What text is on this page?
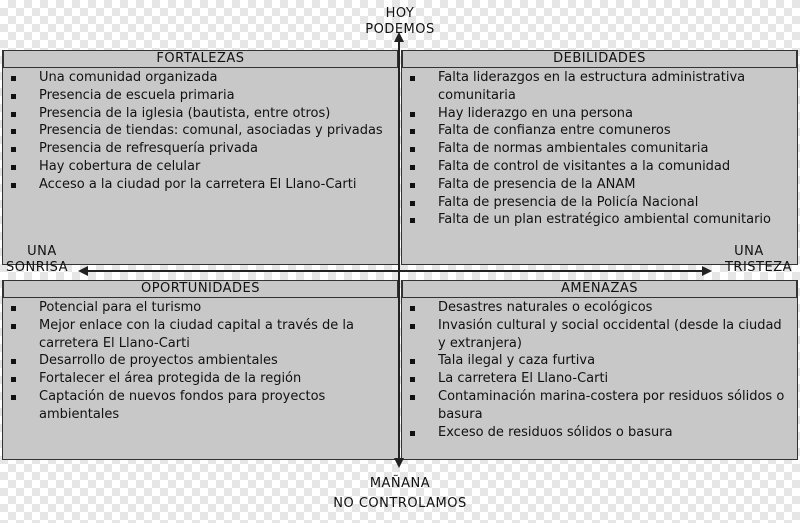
HOY
PODEMOS
FORTALEZAS
Una comunidad organizada
Presencia de escuela primaria
Presencia de la iglesia (bautista, entre otros)
Presencia de tiendas: comunal, asociadas y privadas
Presencia de refresquería privada
Hay cobertura de celular
Acceso a la ciudad por la carretera El Llano-Carti
DEBILIDADES
Falta liderazgos en la estructura administrativa comunitaria
Hay liderazgo en una persona
Falta de confianza entre comuneros
Falta de normas ambientales comunitaria
Falta de control de visitantes a la comunidad
Falta de presencia de la ANAM
Falta de presencia de la Policía Nacional
Falta de un plan estratégico ambiental comunitario
OPORTUNIDADES
Potencial para el turismo
Mejor enlace con la ciudad capital a través de la carretera El Llano-Carti
Desarrollo de proyectos ambientales
Fortalecer el área protegida de la región
Captación de nuevos fondos para proyectos ambientales
AMENAZAS
Desastres naturales o ecológicos
Invasión cultural y social occidental (desde la ciudad y extranjera)
Tala ilegal y caza furtiva
La carretera El Llano-Carti
Contaminación marina-costera por residuos sólidos o basura
Exceso de residuos sólidos o basura
UNA
SONRISA
UNA
TRISTEZA
MAÑANA
NO CONTROLAMOS
